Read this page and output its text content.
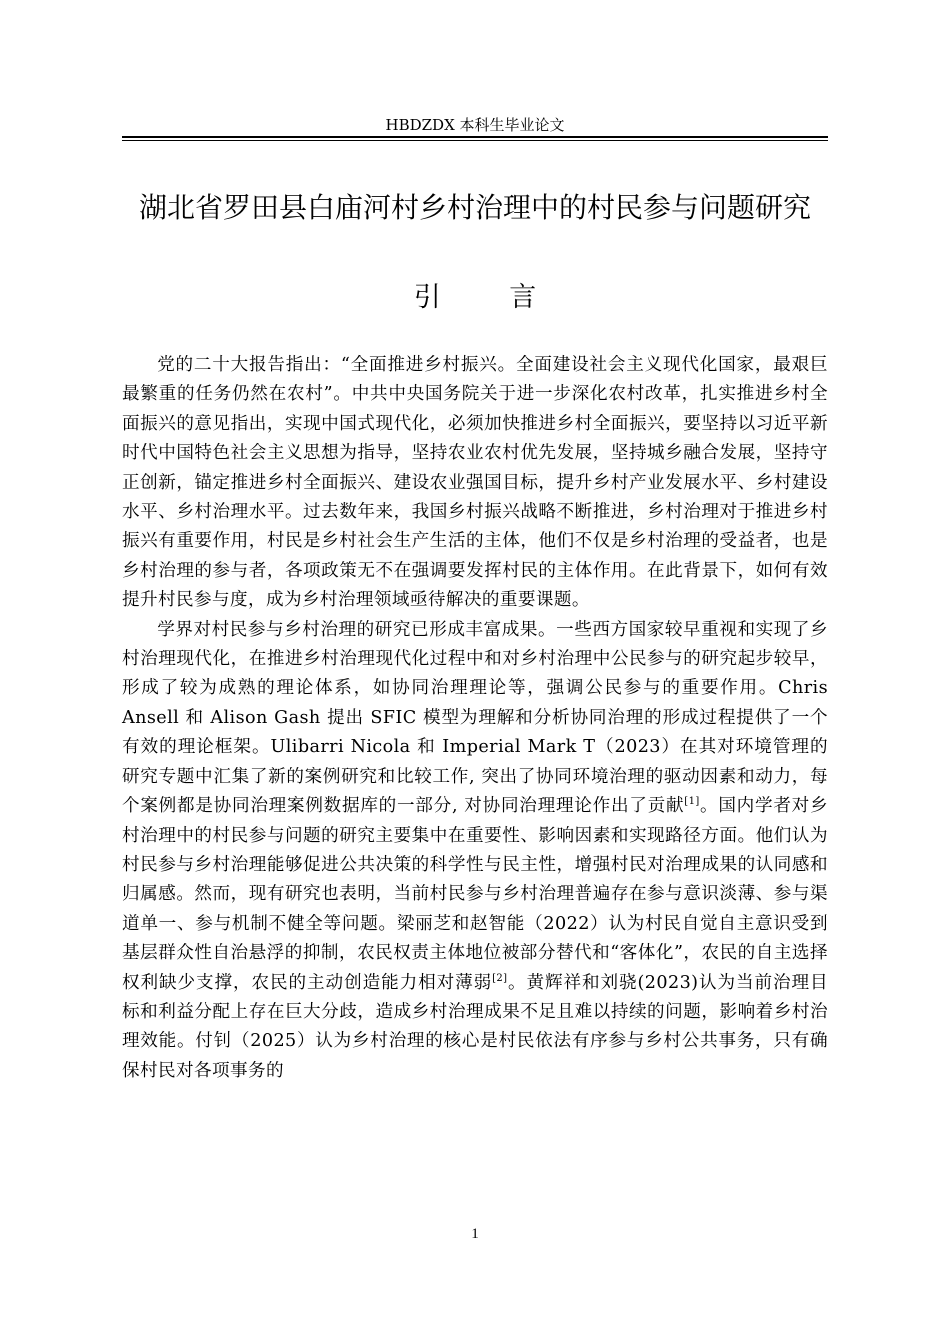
HBDZDX 本科生毕业论文
湖北省罗田县白庙河村乡村治理中的村民参与问题研究
引 言

党的二十大报告指出：“全面推进乡村振兴。全面建设社会主义现代化国家，最艰巨最繁重的任务仍然在农村”。中共中央国务院关于进一步深化农村改革，扎实推进乡村全面振兴的意见指出，实现中国式现代化，必须加快推进乡村全面振兴，要坚持以习近平新时代中国特色社会主义思想为指导，坚持农业农村优先发展，坚持城乡融合发展，坚持守正创新，锚定推进乡村全面振兴、建设农业强国目标，提升乡村产业发展水平、乡村建设水平、乡村治理水平。过去数年来，我国乡村振兴战略不断推进，乡村治理对于推进乡村振兴有重要作用，村民是乡村社会生产生活的主体，他们不仅是乡村治理的受益者，也是乡村治理的参与者，各项政策无不在强调要发挥村民的主体作用。在此背景下，如何有效提升村民参与度，成为乡村治理领域亟待解决的重要课题。

学界对村民参与乡村治理的研究已形成丰富成果。一些西方国家较早重视和实现了乡村治理现代化，在推进乡村治理现代化过程中和对乡村治理中公民参与的研究起步较早，形成了较为成熟的理论体系，如协同治理理论等，强调公民参与的重要作用。Chris Ansell 和 Alison Gash 提出 SFIC 模型为理解和分析协同治理的形成过程提供了一个有效的理论框架。Ulibarri Nicola 和 Imperial Mark T（2023）在其对环境管理的研究专题中汇集了新的案例研究和比较工作, 突出了协同环境治理的驱动因素和动力，每个案例都是协同治理案例数据库的一部分, 对协同治理理论作出了贡献[1]。国内学者对乡村治理中的村民参与问题的研究主要集中在重要性、影响因素和实现路径方面。他们认为村民参与乡村治理能够促进公共决策的科学性与民主性，增强村民对治理成果的认同感和归属感。然而，现有研究也表明，当前村民参与乡村治理普遍存在参与意识淡薄、参与渠道单一、参与机制不健全等问题。梁丽芝和赵智能（2022）认为村民自觉自主意识受到基层群众性自治悬浮的抑制，农民权责主体地位被部分替代和“客体化”，农民的自主选择权利缺少支撑，农民的主动创造能力相对薄弱[2]。黄辉祥和刘骁(2023)认为当前治理目标和利益分配上存在巨大分歧，造成乡村治理成果不足且难以持续的问题，影响着乡村治理效能。付钊（2025）认为乡村治理的核心是村民依法有序参与乡村公共事务，只有确保村民对各项事务的

1
